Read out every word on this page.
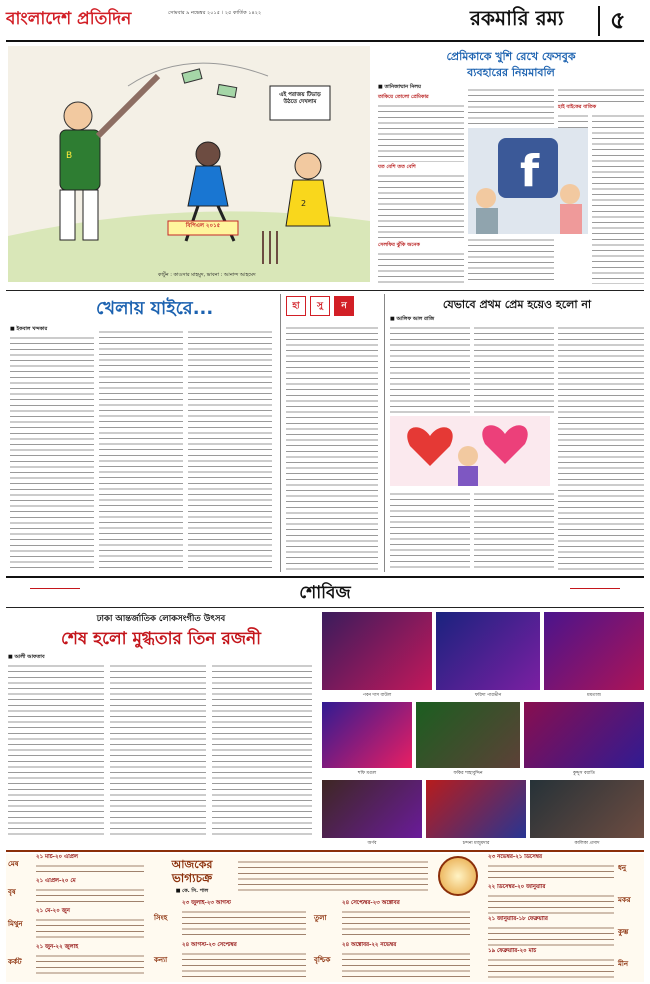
বাংলাদেশ প্রতিদিন	সোমবার ৯ নভেম্বর ২০১৫ । ২৫ কার্তিক ১৪২২	রকমারি রম্য ৫
B
2
বিপিএল ২০১৫
এই পরাজয় টিভাড় উঠতে দেখলাম
কাৰ্টুন : কাওসার মাহমুদ, ভাবনা : আনান্দ আহমেদ
প্রেমিকাকে খুশি রেখে ফেসবুক
ব্যবহারের নিয়মাবলি
■ তানিজাম্মান নিলয়
তাকিয়ে তোলো প্রেমিকার
যত বেশি তত বেশি
সেলফির ঝুঁকি অনেক
f
হাই বাইকের বাতিক
খেলায় যাইরে...
■ ইকবাল খন্দকার
হা	সু	ন	যেভাবে প্রথম প্রেম হয়েও হলো না
■ আলিফ আল রাজি
শোবিজ
ঢাকা আন্তর্জাতিক লোকসংগীত উৎসব
শেষ হলো মুগ্ধতার তিন রজনী
■ আলী আফতাব
পবন দাস বাউল	ফরিদা পারভীন	মমতাজ
শফি মণ্ডল	ফকির শাহাবুদ্দিন	কুদ্দুস বয়াতি
অর্ণব	চন্দনা মজুমদার	কালিকা প্রসাদ
আজকের
ভাগ্যচক্র
■ কে. সি. পাল
২১ মার্চ-২০ এপ্রিল
মেষ
২১ এপ্রিল-২০ মে
বৃষ
২১ মে-২০ জুন
মিথুন
২১ জুন-২২ জুলাই
কর্কট
২৩ জুলাই-২৩ আগস্ট
সিংহ
২৪ আগস্ট-২৩ সেপ্টেম্বর
কন্যা
২৪ সেপ্টেম্বর-২৩ অক্টোবর
তুলা
২৪ অক্টোবর-২২ নভেম্বর
বৃশ্চিক
২৩ নভেম্বর-২১ ডিসেম্বর
ধনু
২২ ডিসেম্বর-২০ জানুয়ারি
মকর
২১ জানুয়ারি-১৮ ফেব্রুয়ারি
কুম্ভ
১৯ ফেব্রুয়ারি-২০ মার্চ
মীন
